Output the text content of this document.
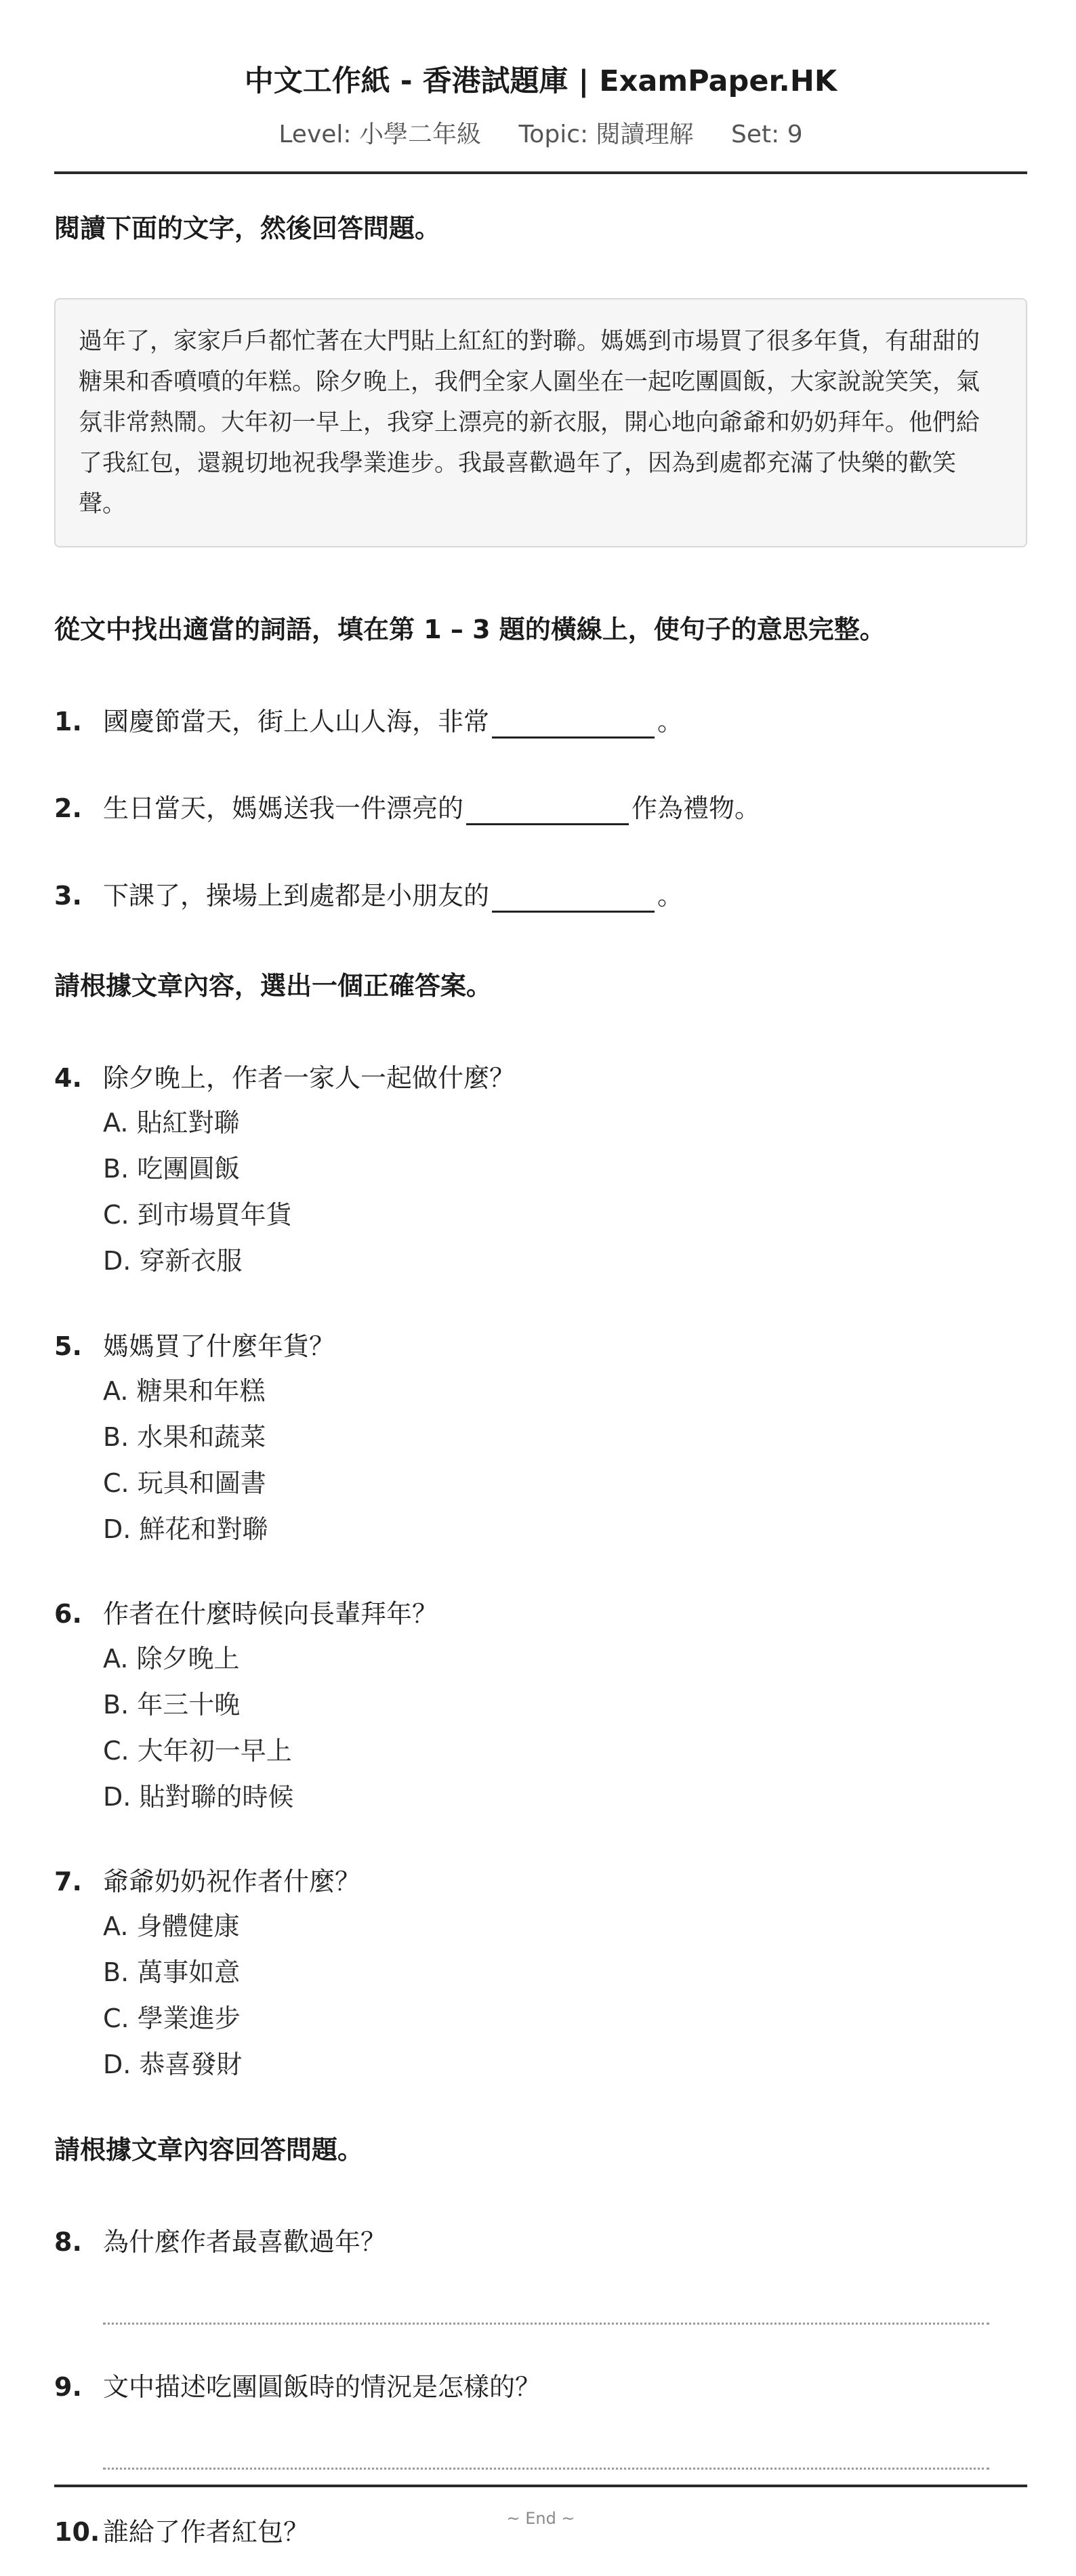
中文工作紙 - 香港試題庫 | ExamPaper.HK
Level: 小學二年級 Topic: 閱讀理解 Set: 9
閱讀下面的文字，然後回答問題。
過年了，家家戶戶都忙著在大門貼上紅紅的對聯。媽媽到市場買了很多年貨，有甜甜的糖果和香噴噴的年糕。除夕晚上，我們全家人圍坐在一起吃團圓飯，大家說說笑笑，氣氛非常熱鬧。大年初一早上，我穿上漂亮的新衣服，開心地向爺爺和奶奶拜年。他們給了我紅包，還親切地祝我學業進步。我最喜歡過年了，因為到處都充滿了快樂的歡笑聲。
從文中找出適當的詞語，填在第 1 – 3 題的橫線上，使句子的意思完整。
1. 國慶節當天，街上人山人海，非常	。
2. 生日當天，媽媽送我一件漂亮的	作為禮物。
3. 下課了，操場上到處都是小朋友的	。
請根據文章內容，選出一個正確答案。
4. 除夕晚上，作者一家人一起做什麼？
A. 貼紅對聯
B. 吃團圓飯
C. 到市場買年貨
D. 穿新衣服
5. 媽媽買了什麼年貨？
A. 糖果和年糕
B. 水果和蔬菜
C. 玩具和圖書
D. 鮮花和對聯
6. 作者在什麼時候向長輩拜年？
A. 除夕晚上
B. 年三十晚
C. 大年初一早上
D. 貼對聯的時候
7. 爺爺奶奶祝作者什麼？
A. 身體健康
B. 萬事如意
C. 學業進步
D. 恭喜發財
請根據文章內容回答問題。
8. 為什麼作者最喜歡過年？
9. 文中描述吃團圓飯時的情況是怎樣的？
~ End ~
10. 誰給了作者紅包？
